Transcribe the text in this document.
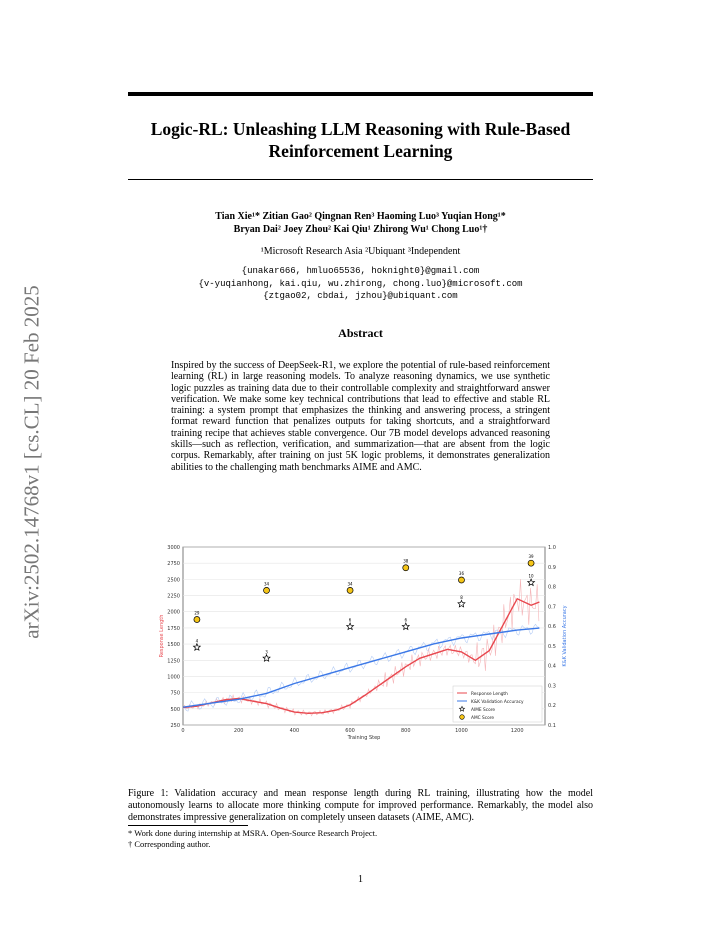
arXiv:2502.14768v1 [cs.CL] 20 Feb 2025
Logic-RL: Unleashing LLM Reasoning with Rule-Based Reinforcement Learning
Tian Xie¹* Zitian Gao² Qingnan Ren³ Haoming Luo³ Yuqian Hong¹*
Bryan Dai² Joey Zhou² Kai Qiu¹ Zhirong Wu¹ Chong Luo¹†
¹Microsoft Research Asia ²Ubiquant ³Independent
{unakar666, hmluo65536, hoknight0}@gmail.com
{v-yuqianhong, kai.qiu, wu.zhirong, chong.luo}@microsoft.com
{ztgao02, cbdai, jzhou}@ubiquant.com
Abstract
Inspired by the success of DeepSeek-R1, we explore the potential of rule-based reinforcement learning (RL) in large reasoning models. To analyze reasoning dynamics, we use synthetic logic puzzles as training data due to their controllable complexity and straightforward answer verification. We make some key technical contributions that lead to effective and stable RL training: a system prompt that emphasizes the thinking and answering process, a stringent format reward function that penalizes outputs for taking shortcuts, and a straightforward training recipe that achieves stable convergence. Our 7B model develops advanced reasoning skills—such as reflection, verification, and summarization—that are absent from the logic corpus. Remarkably, after training on just 5K logic problems, it demonstrates generalization abilities to the challenging math benchmarks AIME and AMC.
250
500
750
1000
1250
1500
1750
2000
2250
2500
2750
3000
0.1
0.2
0.3
0.4
0.5
0.6
0.7
0.8
0.9
1.0
0	200	400	600	800	1000	1200
Training Step
Response Length	K&K Validation Accuracy
4
3
6	6
8
10
29
34	34
38
36
39
Response Length
K&K Validation Accuracy
AIME Score
AMC Score
Figure 1: Validation accuracy and mean response length during RL training, illustrating how the model autonomously learns to allocate more thinking compute for improved performance. Remarkably, the model also demonstrates impressive generalization on completely unseen datasets (AIME, AMC).
1
* Work done during internship at MSRA. Open-Source Research Project.
† Corresponding author.
